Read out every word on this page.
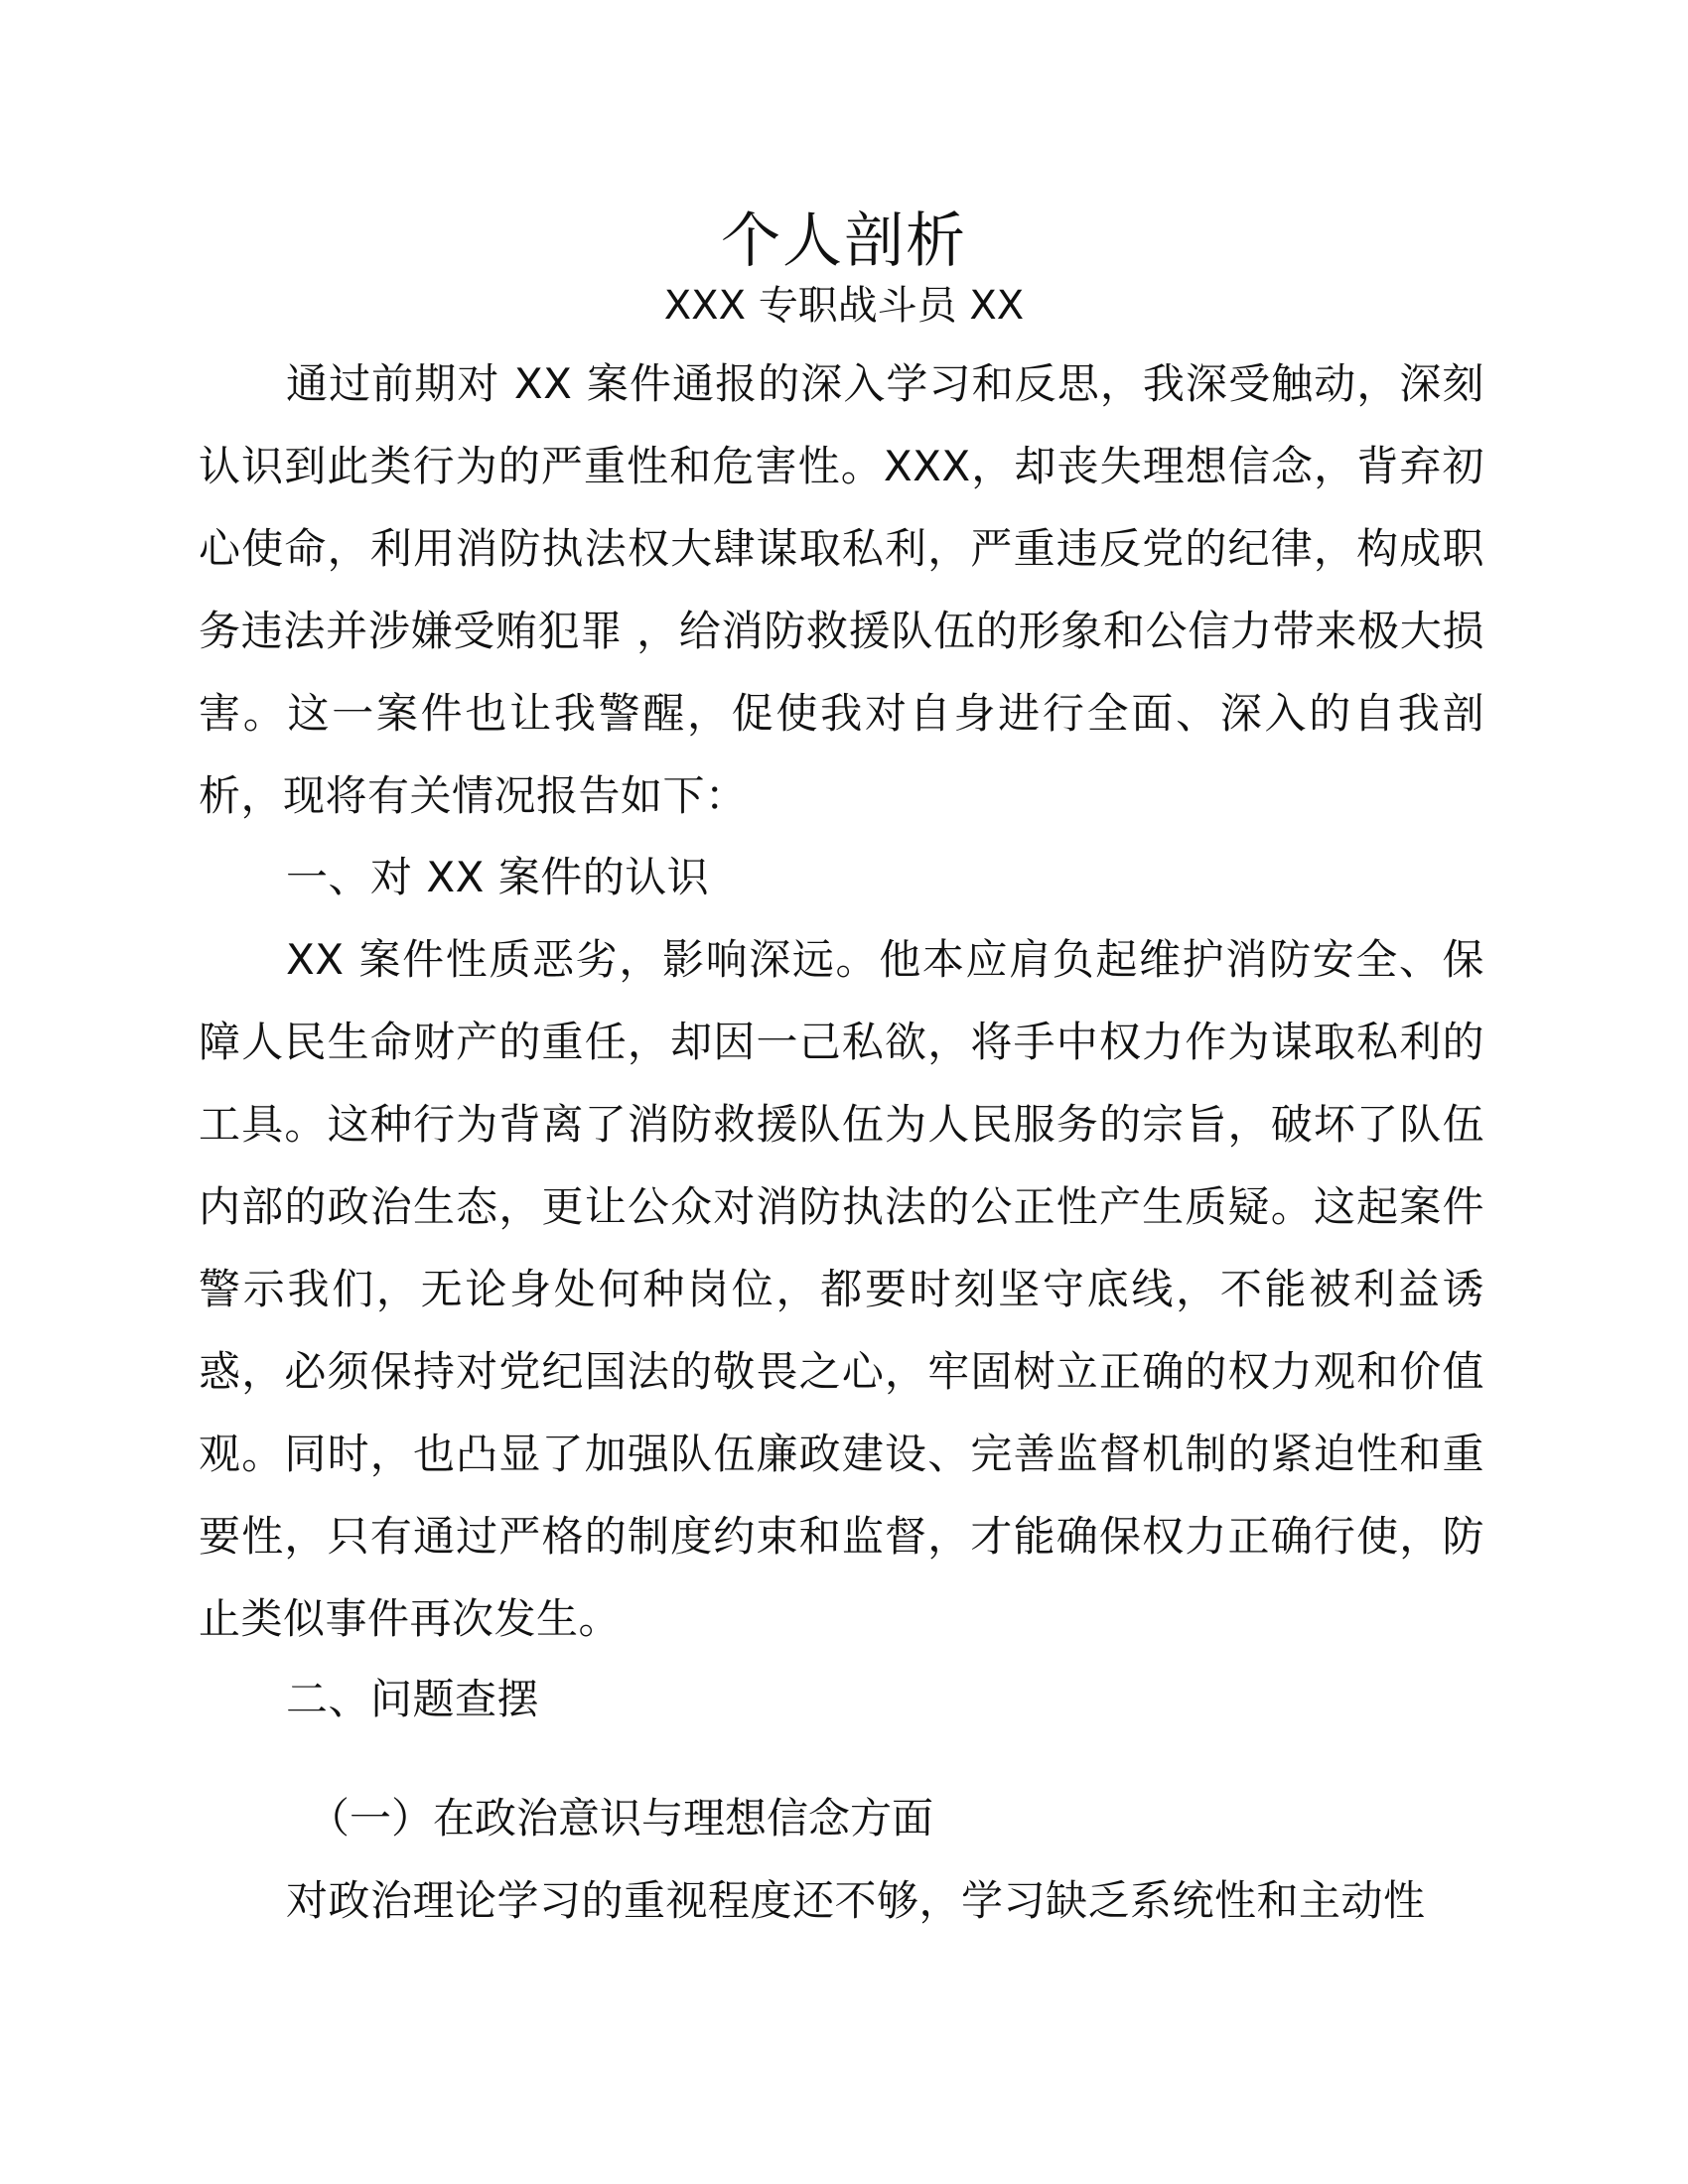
个人剖析
XXX 专职战斗员 XX

通过前期对 XX 案件通报的深入学习和反思，我深受触动，深刻认识到此类行为的严重性和危害性。XXX，却丧失理想信念，背弃初心使命，利用消防执法权大肆谋取私利，严重违反党的纪律，构成职务违法并涉嫌受贿犯罪 ，给消防救援队伍的形象和公信力带来极大损害。这一案件也让我警醒，促使我对自身进行全面、深入的自我剖析，现将有关情况报告如下：

一、对 XX 案件的认识

XX 案件性质恶劣，影响深远。他本应肩负起维护消防安全、保障人民生命财产的重任，却因一己私欲，将手中权力作为谋取私利的工具。这种行为背离了消防救援队伍为人民服务的宗旨，破坏了队伍内部的政治生态，更让公众对消防执法的公正性产生质疑。这起案件警示我们，无论身处何种岗位，都要时刻坚守底线，不能被利益诱惑，必须保持对党纪国法的敬畏之心，牢固树立正确的权力观和价值观。同时，也凸显了加强队伍廉政建设、完善监督机制的紧迫性和重要性，只有通过严格的制度约束和监督，才能确保权力正确行使，防止类似事件再次发生。

二、问题查摆

（一）在政治意识与理想信念方面

对政治理论学习的重视程度还不够，学习缺乏系统性和主动性
